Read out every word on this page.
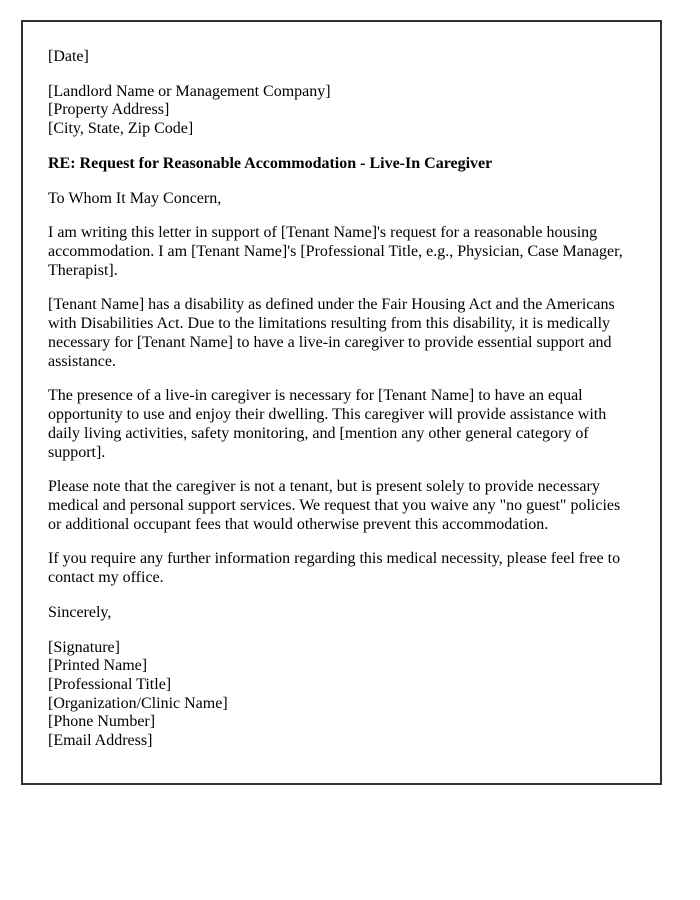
[Date]

[Landlord Name or Management Company]
[Property Address]
[City, State, Zip Code]

RE: Request for Reasonable Accommodation - Live-In Caregiver

To Whom It May Concern,

I am writing this letter in support of [Tenant Name]'s request for a reasonable housing accommodation. I am [Tenant Name]'s [Professional Title, e.g., Physician, Case Manager, Therapist].

[Tenant Name] has a disability as defined under the Fair Housing Act and the Americans with Disabilities Act. Due to the limitations resulting from this disability, it is medically necessary for [Tenant Name] to have a live-in caregiver to provide essential support and assistance.

The presence of a live-in caregiver is necessary for [Tenant Name] to have an equal opportunity to use and enjoy their dwelling. This caregiver will provide assistance with daily living activities, safety monitoring, and [mention any other general category of support].

Please note that the caregiver is not a tenant, but is present solely to provide necessary medical and personal support services. We request that you waive any "no guest" policies or additional occupant fees that would otherwise prevent this accommodation.

If you require any further information regarding this medical necessity, please feel free to contact my office.

Sincerely,

[Signature]
[Printed Name]
[Professional Title]
[Organization/Clinic Name]
[Phone Number]
[Email Address]
